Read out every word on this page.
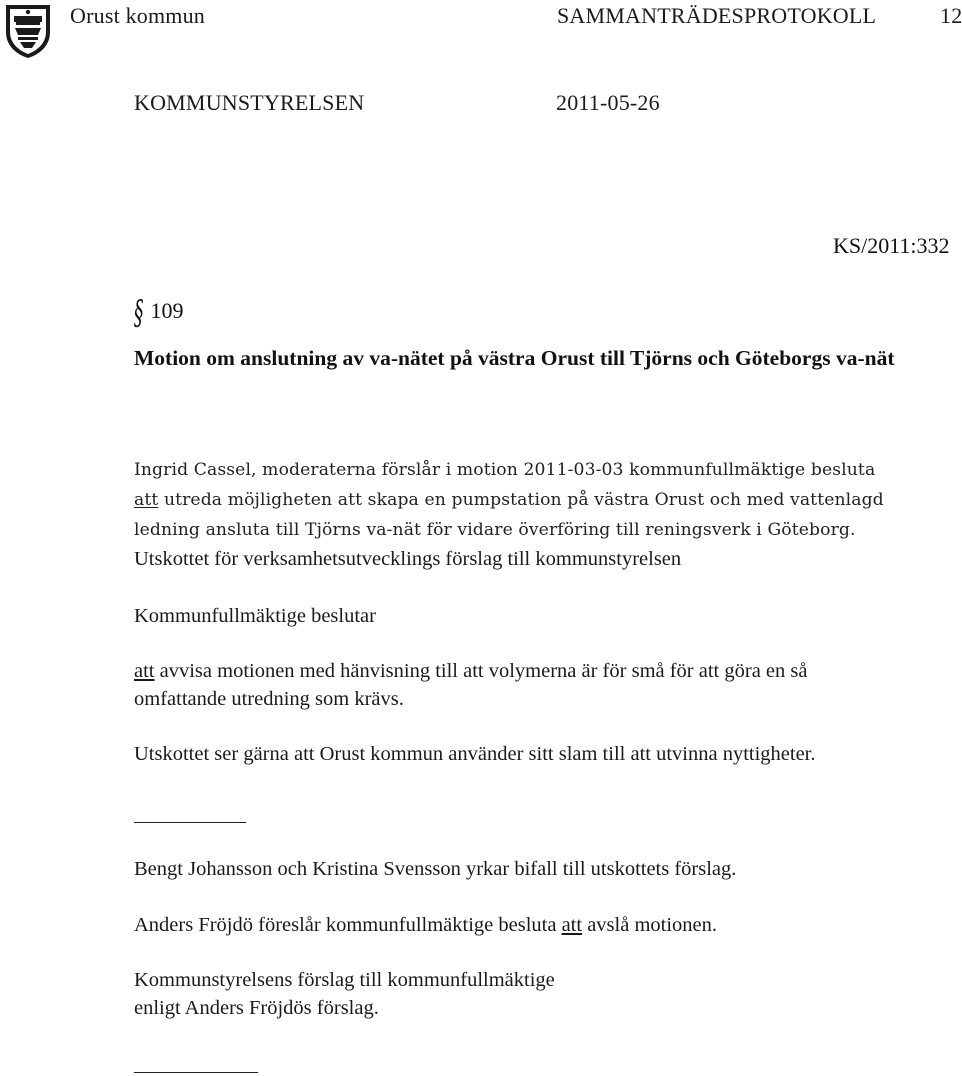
Orust kommun	SAMMANTRÄDESPROTOKOLL	12
KOMMUNSTYRELSEN	2011-05-26
KS/2011:332
§ 109
Motion om anslutning av va-nätet på västra Orust till Tjörns och Göteborgs va-nät
Ingrid Cassel, moderaterna förslår i motion 2011-03-03 kommunfullmäktige besluta
att utreda möjligheten att skapa en pumpstation på västra Orust och med vattenlagd
ledning ansluta till Tjörns va-nät för vidare överföring till reningsverk i Göteborg.
Utskottet för verksamhetsutvecklings förslag till kommunstyrelsen
Kommunfullmäktige beslutar
att avvisa motionen med hänvisning till att volymerna är för små för att göra en så
omfattande utredning som krävs.
Utskottet ser gärna att Orust kommun använder sitt slam till att utvinna nyttigheter.
Bengt Johansson och Kristina Svensson yrkar bifall till utskottets förslag.
Anders Fröjdö föreslår kommunfullmäktige besluta att avslå motionen.
Kommunstyrelsens förslag till kommunfullmäktige
enligt Anders Fröjdös förslag.
